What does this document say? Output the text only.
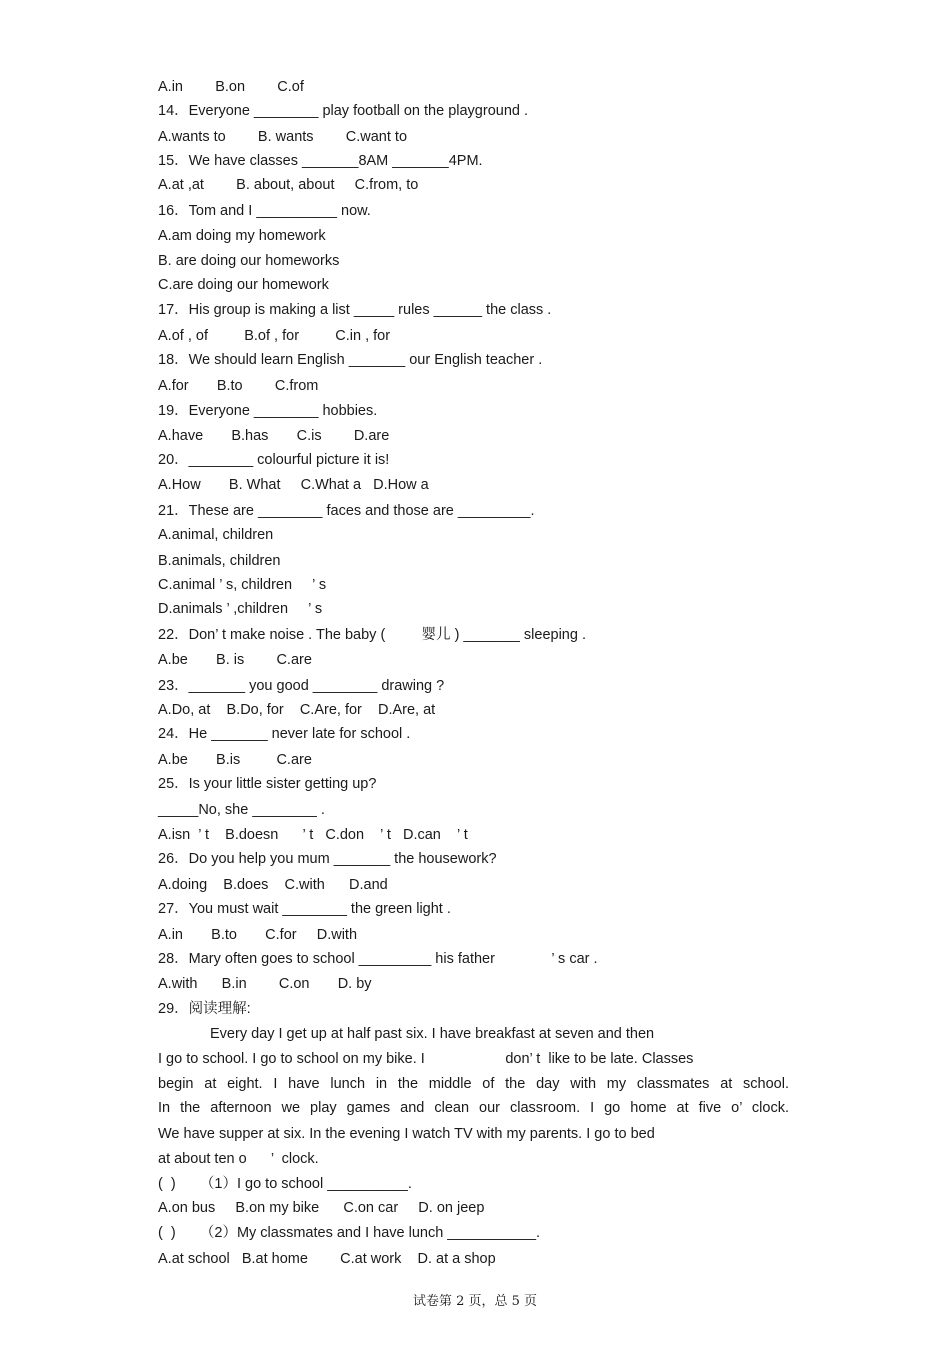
A.in        B.on        C.of
14．Everyone ________ play football on the playground .
A.wants to        B. wants        C.want to
15．We have classes _______8AM _______4PM.
A.at ,at        B. about, about     C.from, to
16．Tom and I __________ now.
A.am doing my homework
B. are doing our homeworks
C.are doing our homework
17．His group is making a list _____ rules ______ the class .
A.of , of         B.of , for         C.in , for
18．We should learn English _______ our English teacher .
A.for       B.to        C.from
19．Everyone ________ hobbies.
A.have       B.has       C.is        D.are
20．________ colourful picture it is!
A.How       B. What     C.What a   D.How a
21．These are ________ faces and those are _________.
A.animal, children
B.animals, children
C.animal ’ s, children     ’ s
D.animals ’ ,children     ’ s
22．Don’ t make noise . The baby (         婴儿 ) _______ sleeping .
A.be       B. is        C.are
23．_______ you good ________ drawing ?
A.Do, at    B.Do, for    C.Are, for    D.Are, at
24．He _______ never late for school .
A.be       B.is         C.are
25．Is your little sister getting up?
_____No, she ________ .
A.isn  ’ t    B.doesn      ’ t   C.don    ’ t   D.can    ’ t
26．Do you help you mum _______ the housework?
A.doing    B.does    C.with      D.and
27．You must wait ________ the green light .
A.in       B.to       C.for     D.with
28．Mary often goes to school _________ his father              ’ s car .
A.with      B.in        C.on       D. by
29．阅读理解:
Every day I get up at half past six. I have breakfast at seven and then
I go to school. I go to school on my bike. I                    don’ t  like to be late. Classes
begin at eight. I have lunch in the middle of the day with my classmates at school.
In the afternoon we play games and clean our classroom. I go home at five o’ clock.
We have supper at six. In the evening I watch TV with my parents. I go to bed
at about ten o      ’  clock.
(  )      （1）I go to school __________.
A.on bus     B.on my bike      C.on car     D. on jeep
(  )      （2）My classmates and I have lunch ___________.
A.at school   B.at home        C.at work    D. at a shop
试卷第 2 页，总 5 页
